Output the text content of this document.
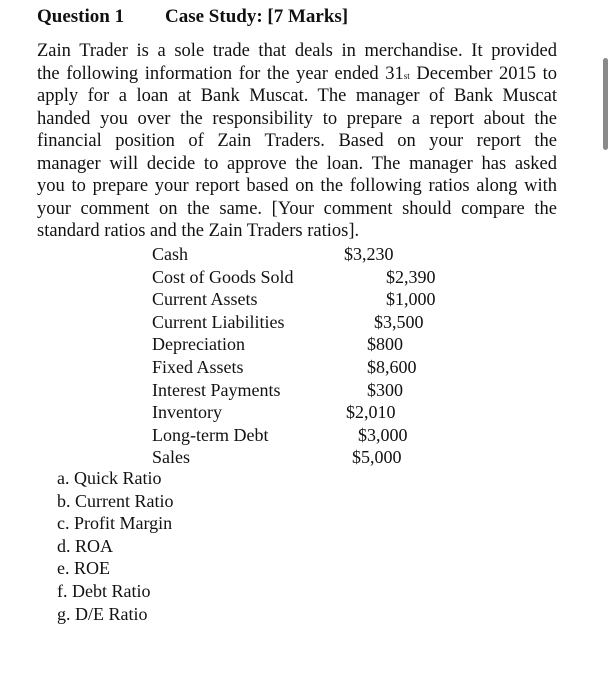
Question 1 Case Study: [7 Marks]
Zain Trader is a sole trade that deals in merchandise. It provided
the following information for the year ended 31st December 2015 to
apply for a loan at Bank Muscat. The manager of Bank Muscat
handed you over the responsibility to prepare a report about the
financial position of Zain Traders. Based on your report the
manager will decide to approve the loan. The manager has asked
you to prepare your report based on the following ratios along with
your comment on the same. [Your comment should compare the
standard ratios and the Zain Traders ratios].
Cash	$3,230
Cost of Goods Sold	$2,390
Current Assets	$1,000
Current Liabilities	$3,500
Depreciation	$800
Fixed Assets	$8,600
Interest Payments	$300
Inventory	$2,010
Long-term Debt	$3,000
Sales	$5,000
a. Quick Ratio
b. Current Ratio
c. Profit Margin
d. ROA
e. ROE
f. Debt Ratio
g. D/E Ratio
